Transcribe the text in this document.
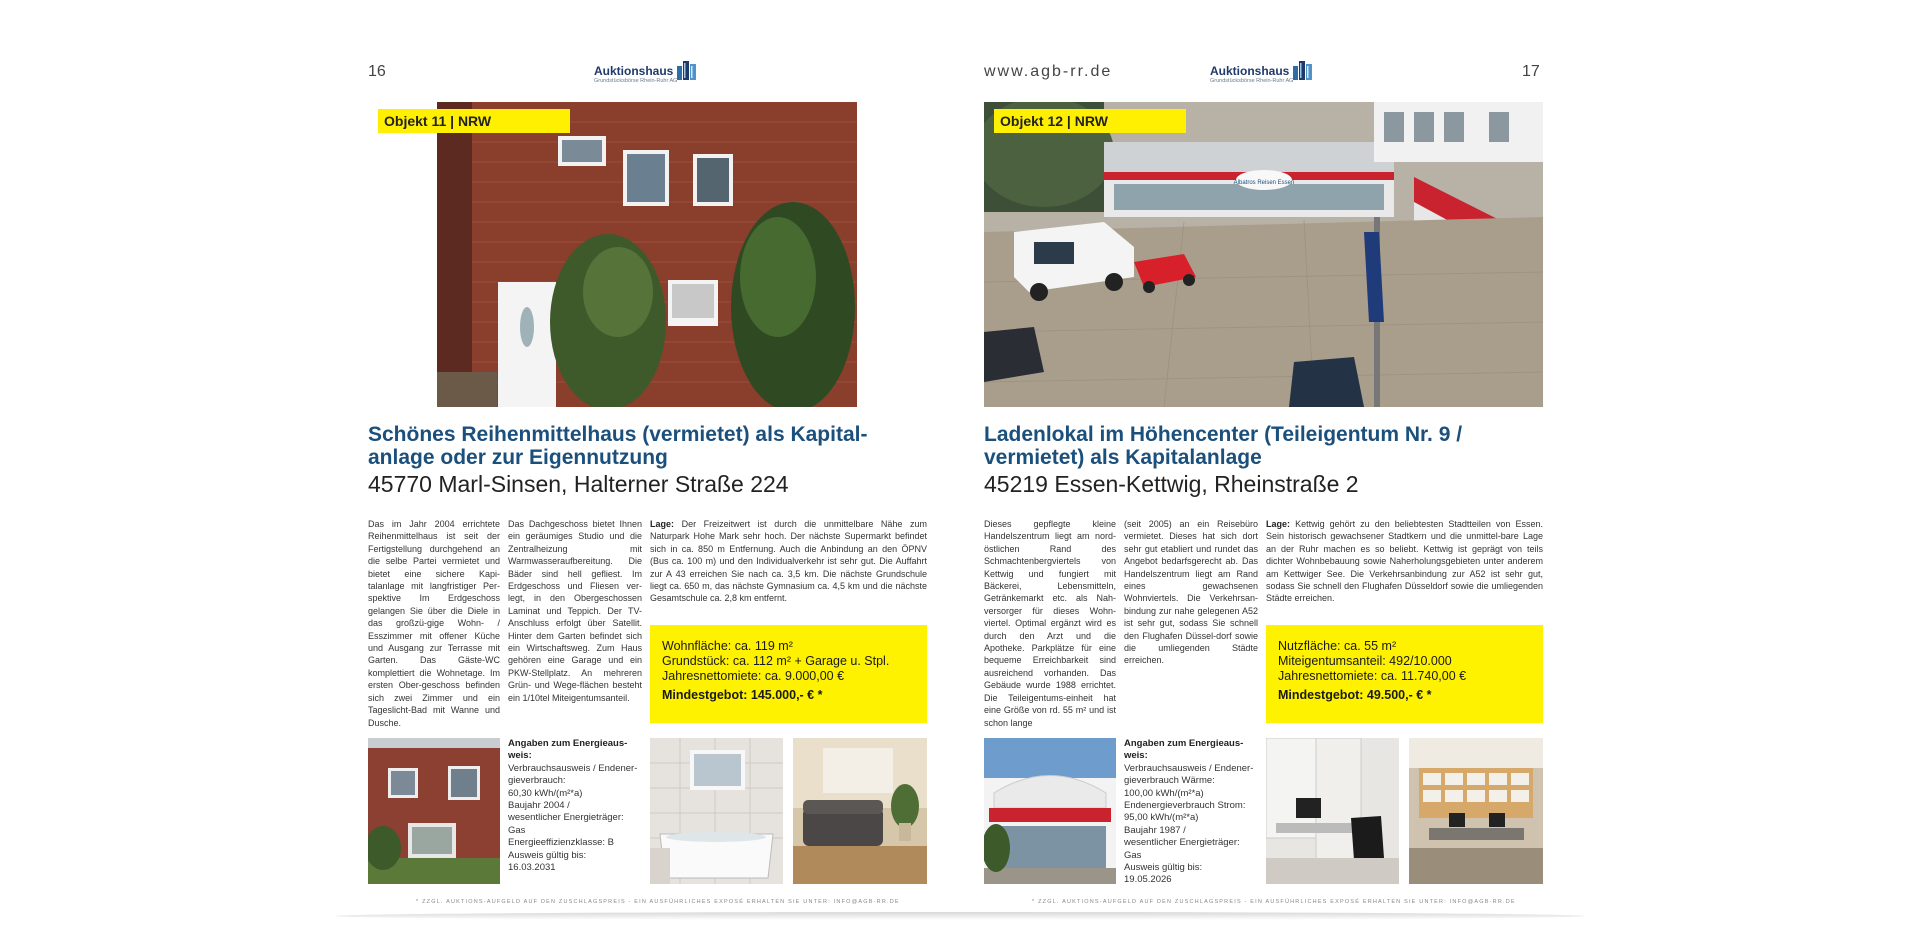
16	Auktionshaus
Grundstücksbörse Rhein-Ruhr AG
Objekt 11 | NRW
Schönes Reihenmittelhaus (vermietet) als Kapital-anlage oder zur Eigennutzung
45770 Marl-Sinsen, Halterner Straße 224
Das im Jahr 2004 errichtete Reihenmittelhaus ist seit der Fertigstellung durchgehend an die selbe Partei vermietet und bietet eine sichere Kapi-talanlage mit langfristiger Per-spektive Im Erdgeschoss gelangen Sie über die Diele in das großzü-gige Wohn- / Esszimmer mit offener Küche und Ausgang zur Terrasse mit Garten. Das Gäste-WC komplettiert die Wohnetage. Im ersten Ober-geschoss befinden sich zwei Zimmer und ein Tageslicht-Bad mit Wanne und Dusche.
Das Dachgeschoss bietet Ihnen ein geräumiges Studio und die Zentralheizung mit Warmwasseraufbereitung. Die Bäder sind hell gefliest. Im Erdgeschoss und Fliesen ver-legt, in den Obergeschossen Laminat und Teppich. Der TV-Anschluss erfolgt über Satellit. Hinter dem Garten befindet sich ein Wirtschaftsweg. Zum Haus gehören eine Garage und ein PKW-Stellplatz. An mehreren Grün- und Wege-flächen besteht ein 1/10tel Miteigentumsanteil.
Lage: Der Freizeitwert ist durch die unmittelbare Nähe zum Naturpark Hohe Mark sehr hoch. Der nächste Supermarkt befindet sich in ca. 850 m Entfernung. Auch die Anbindung an den ÖPNV (Bus ca. 100 m) und den Individualverkehr ist sehr gut. Die Auffahrt zur A 43 erreichen Sie nach ca. 3,5 km. Die nächste Grundschule liegt ca. 650 m, das nächste Gymnasium ca. 4,5 km und die nächste Gesamtschule ca. 2,8 km entfernt.
Wohnfläche: ca. 119 m²
Grundstück: ca. 112 m² + Garage u. Stpl.
Jahresnettomiete: ca. 9.000,00 €
Mindestgebot: 145.000,- € *
Angaben zum Energieaus-weis:
Verbrauchsausweis / Endener-gieverbrauch:
60,30 kWh/(m²*a)
Baujahr 2004 /
wesentlicher Energieträger:
Gas
Energieeffizienzklasse: B
Ausweis gültig bis:
16.03.2031
* ZZGL. AUKTIONS-AUFGELD AUF DEN ZUSCHLAGSPREIS - EIN AUSFÜHRLICHES EXPOSÉ ERHALTEN SIE UNTER: INFO@AGB-RR.DE
www.agb-rr.de	17
Auktionshaus
Grundstücksbörse Rhein-Ruhr AG
Albatros Reisen Essen
Objekt 12 | NRW
Ladenlokal im Höhencenter (Teileigentum Nr. 9 / vermietet) als Kapitalanlage
45219 Essen-Kettwig, Rheinstraße 2
Dieses gepflegte kleine Handelszentrum liegt am nord-östlichen Rand des Schmachtenbergviertels von Kettwig und fungiert mit Bäckerei, Lebensmitteln, Getränkemarkt etc. als Nah-versorger für dieses Wohn-viertel. Optimal ergänzt wird es durch den Arzt und die Apotheke. Parkplätze für eine bequeme Erreichbarkeit sind ausreichend vorhanden. Das Gebäude wurde 1988 errichtet. Die Teileigentums-einheit hat eine Größe von rd. 55 m² und ist schon lange
(seit 2005) an ein Reisebüro vermietet. Dieses hat sich dort sehr gut etabliert und rundet das Angebot bedarfsgerecht ab. Das Handelszentrum liegt am Rand eines gewachsenen Wohnviertels. Die Verkehrsan-bindung zur nahe gelegenen A52 ist sehr gut, sodass Sie schnell den Flughafen Düssel-dorf sowie die umliegenden Städte erreichen.
Lage: Kettwig gehört zu den beliebtesten Stadtteilen von Essen. Sein historisch gewachsener Stadtkern und die unmittel-bare Lage an der Ruhr machen es so beliebt. Kettwig ist geprägt von teils dichter Wohnbebauung sowie Naherholungsgebieten unter anderem am Kettwiger See. Die Verkehrsanbindung zur A52 ist sehr gut, sodass Sie schnell den Flughafen Düsseldorf sowie die umliegenden Städte erreichen.
Nutzfläche: ca. 55 m²
Miteigentumsanteil: 492/10.000
Jahresnettomiete: ca. 11.740,00 €
Mindestgebot: 49.500,- € *
Angaben zum Energieaus-weis:
Verbrauchsausweis / Endener-gieverbrauch Wärme:
100,00 kWh/(m²*a)
Endenergieverbrauch Strom:
95,00 kWh/(m²*a)
Baujahr 1987 /
wesentlicher Energieträger:
Gas
Ausweis gültig bis:
19.05.2026
* ZZGL. AUKTIONS-AUFGELD AUF DEN ZUSCHLAGSPREIS - EIN AUSFÜHRLICHES EXPOSÉ ERHALTEN SIE UNTER: INFO@AGB-RR.DE
